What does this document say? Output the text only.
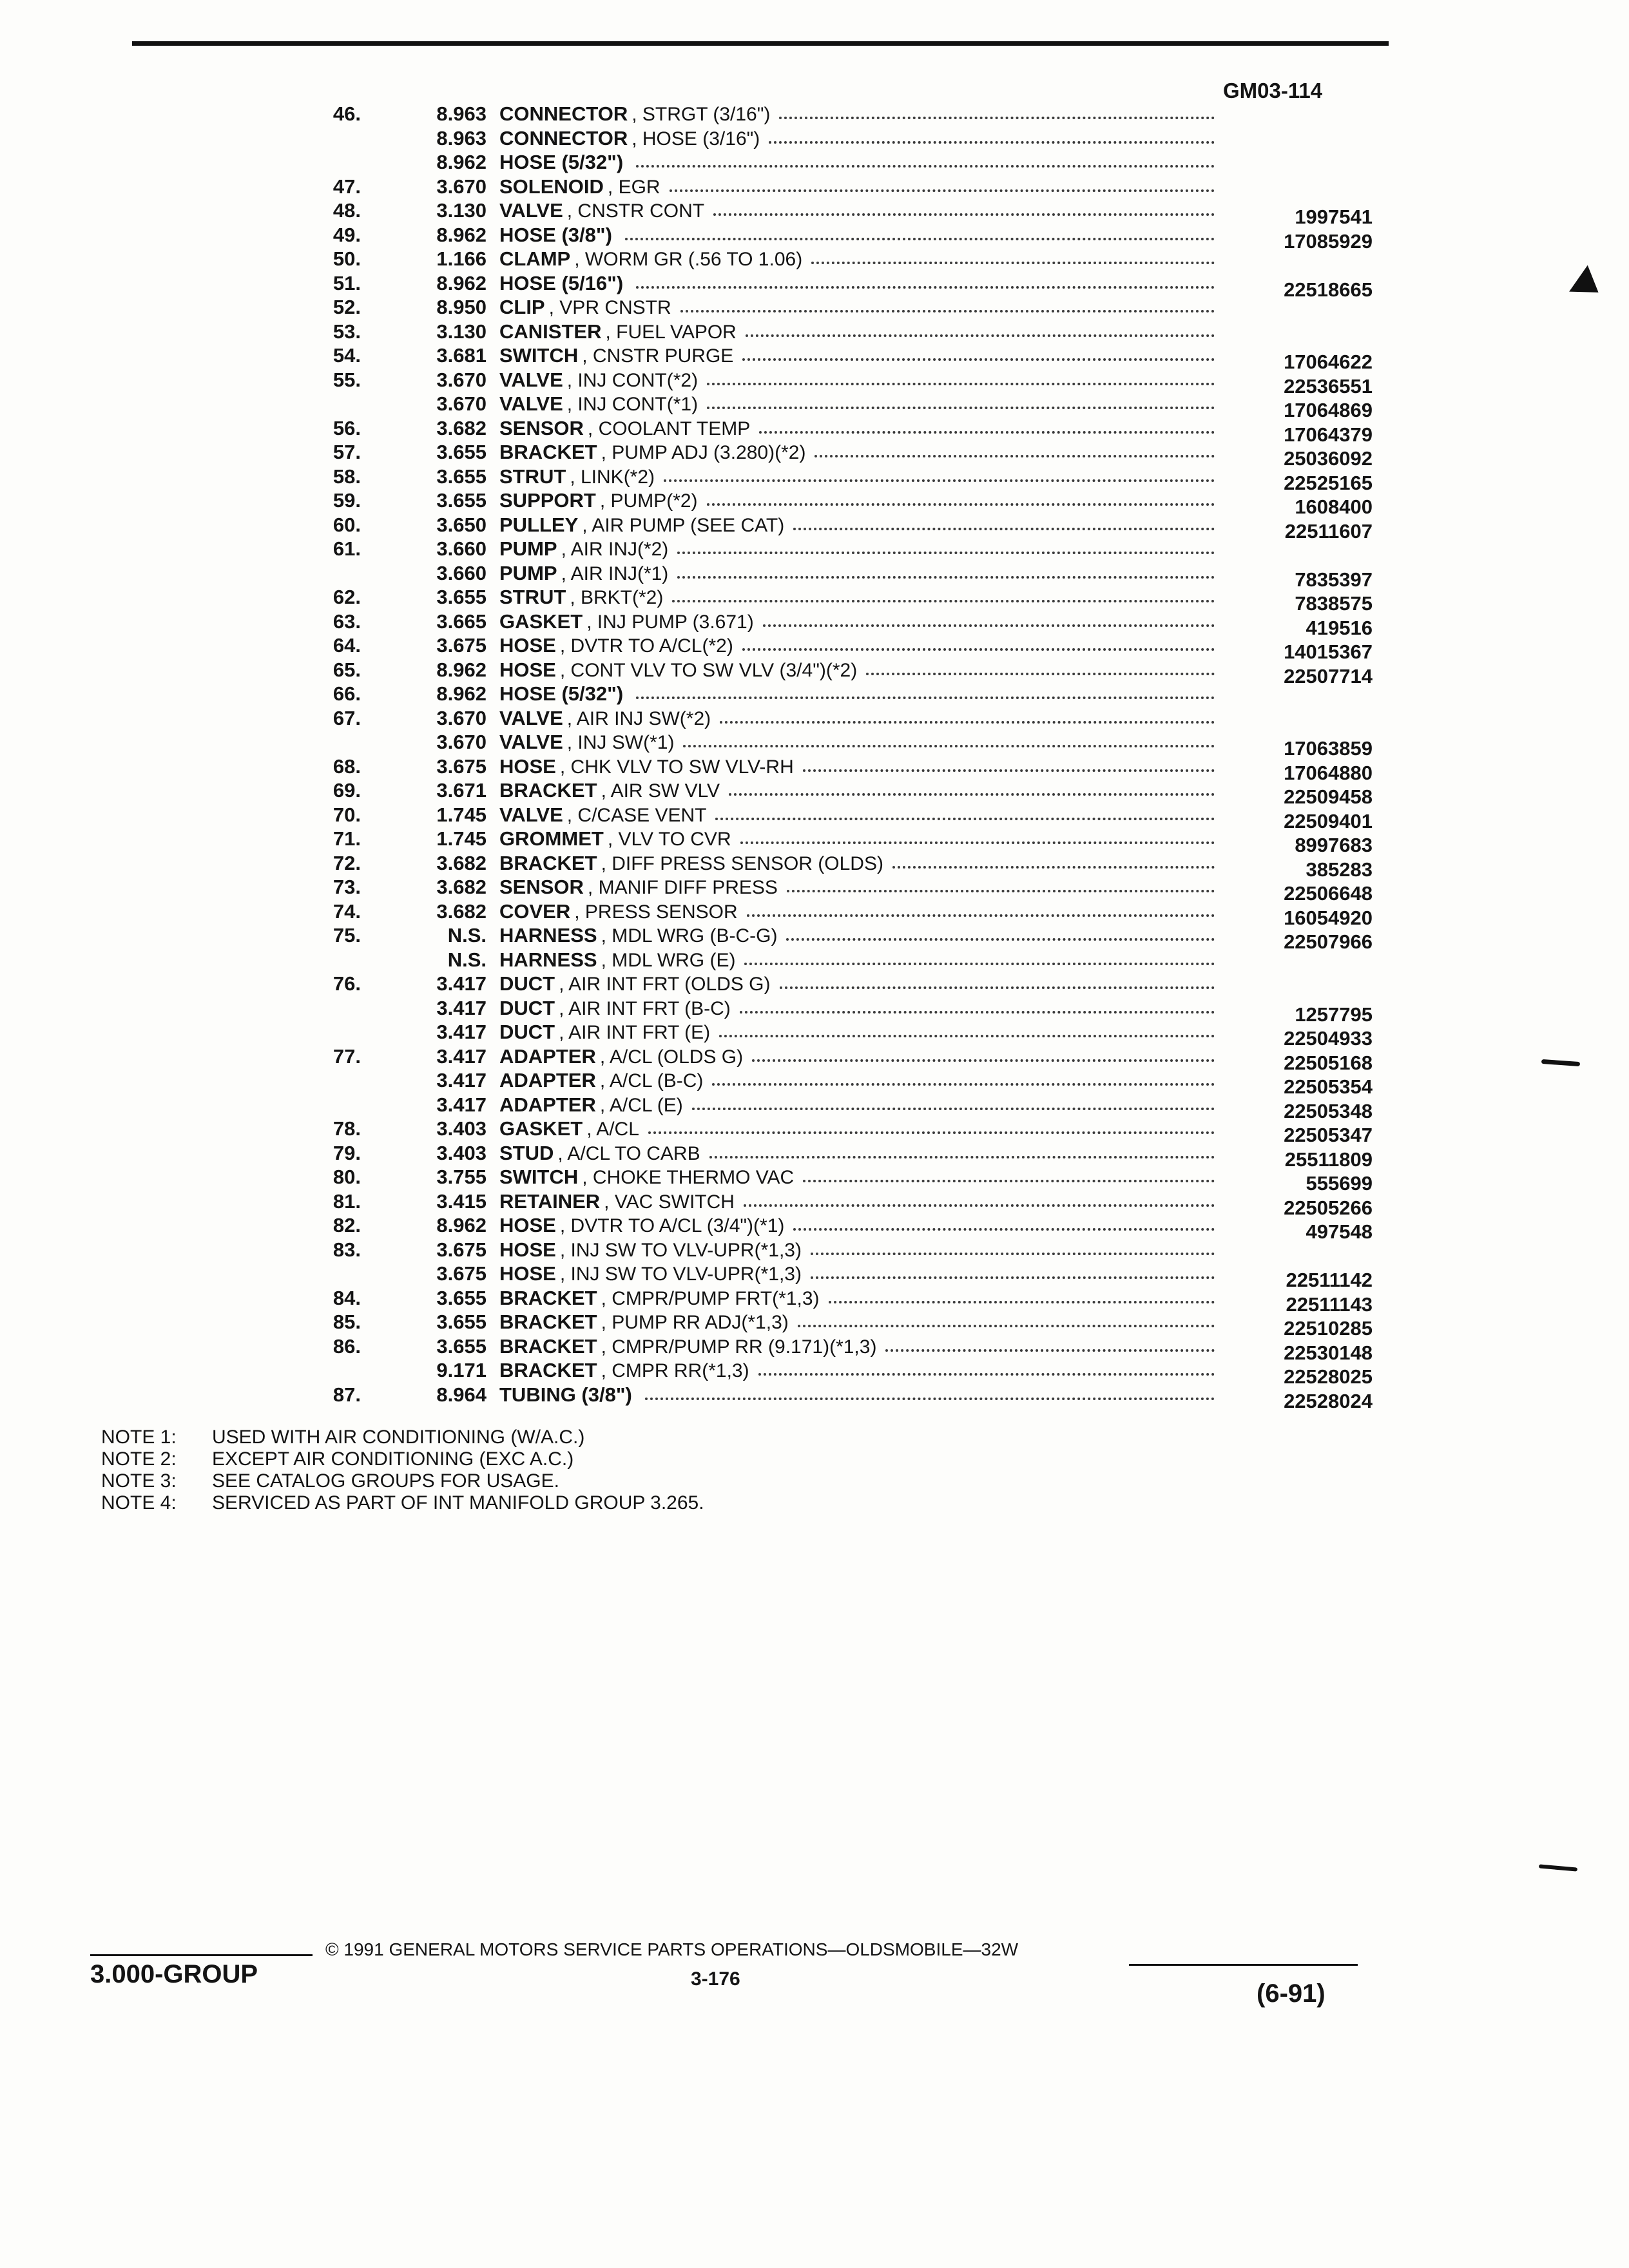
GM03-114
46.	8.963 CONNECTOR , STRGT (3/16")
8.963 CONNECTOR , HOSE (3/16")
8.962 HOSE (5/32")
47.	3.670 SOLENOID , EGR
48.	3.130 VALVE , CNSTR CONT	1997541
49.	8.962 HOSE (3/8")	17085929
50.	1.166 CLAMP , WORM GR (.56 TO 1.06)
51.	8.962 HOSE (5/16")	22518665
52.	8.950 CLIP , VPR CNSTR
53.	3.130 CANISTER , FUEL VAPOR
54.	3.681 SWITCH , CNSTR PURGE	17064622
55.	3.670 VALVE , INJ CONT(*2)	22536551
3.670 VALVE , INJ CONT(*1)	17064869
56.	3.682 SENSOR , COOLANT TEMP	17064379
57.	3.655 BRACKET , PUMP ADJ (3.280)(*2)	25036092
58.	3.655 STRUT , LINK(*2)	22525165
59.	3.655 SUPPORT , PUMP(*2)	1608400
60.	3.650 PULLEY , AIR PUMP (SEE CAT)	22511607
61.	3.660 PUMP , AIR INJ(*2)
3.660 PUMP , AIR INJ(*1)	7835397
62.	3.655 STRUT , BRKT(*2)	7838575
63.	3.665 GASKET , INJ PUMP (3.671)	419516
64.	3.675 HOSE , DVTR TO A/CL(*2)	14015367
65.	8.962 HOSE , CONT VLV TO SW VLV (3/4")(*2)	22507714
66.	8.962 HOSE (5/32")
67.	3.670 VALVE , AIR INJ SW(*2)
3.670 VALVE , INJ SW(*1)	17063859
68.	3.675 HOSE , CHK VLV TO SW VLV-RH	17064880
69.	3.671 BRACKET , AIR SW VLV	22509458
70.	1.745 VALVE , C/CASE VENT	22509401
71.	1.745 GROMMET , VLV TO CVR	8997683
72.	3.682 BRACKET , DIFF PRESS SENSOR (OLDS)	385283
73.	3.682 SENSOR , MANIF DIFF PRESS	22506648
74.	3.682 COVER , PRESS SENSOR	16054920
75.	N.S. HARNESS , MDL WRG (B-C-G)	22507966
N.S. HARNESS , MDL WRG (E)
76.	3.417 DUCT , AIR INT FRT (OLDS G)
3.417 DUCT , AIR INT FRT (B-C)	1257795
3.417 DUCT , AIR INT FRT (E)	22504933
77.	3.417 ADAPTER , A/CL (OLDS G)	22505168
3.417 ADAPTER , A/CL (B-C)	22505354
3.417 ADAPTER , A/CL (E)	22505348
78.	3.403 GASKET , A/CL	22505347
79.	3.403 STUD , A/CL TO CARB	25511809
80.	3.755 SWITCH , CHOKE THERMO VAC	555699
81.	3.415 RETAINER , VAC SWITCH	22505266
82.	8.962 HOSE , DVTR TO A/CL (3/4")(*1)	497548
83.	3.675 HOSE , INJ SW TO VLV-UPR(*1,3)
3.675 HOSE , INJ SW TO VLV-UPR(*1,3)	22511142
84.	3.655 BRACKET , CMPR/PUMP FRT(*1,3)	22511143
85.	3.655 BRACKET , PUMP RR ADJ(*1,3)	22510285
86.	3.655 BRACKET , CMPR/PUMP RR (9.171)(*1,3)	22530148
9.171 BRACKET , CMPR RR(*1,3)	22528025
87.	8.964 TUBING (3/8")	22528024
NOTE 1:	USED WITH AIR CONDITIONING (W/A.C.)
NOTE 2:	EXCEPT AIR CONDITIONING (EXC A.C.)
NOTE 3:	SEE CATALOG GROUPS FOR USAGE.
NOTE 4:	SERVICED AS PART OF INT MANIFOLD GROUP 3.265.
3.000-GROUP
© 1991 GENERAL MOTORS SERVICE PARTS OPERATIONS—OLDSMOBILE—32W
3-176
(6-91)
